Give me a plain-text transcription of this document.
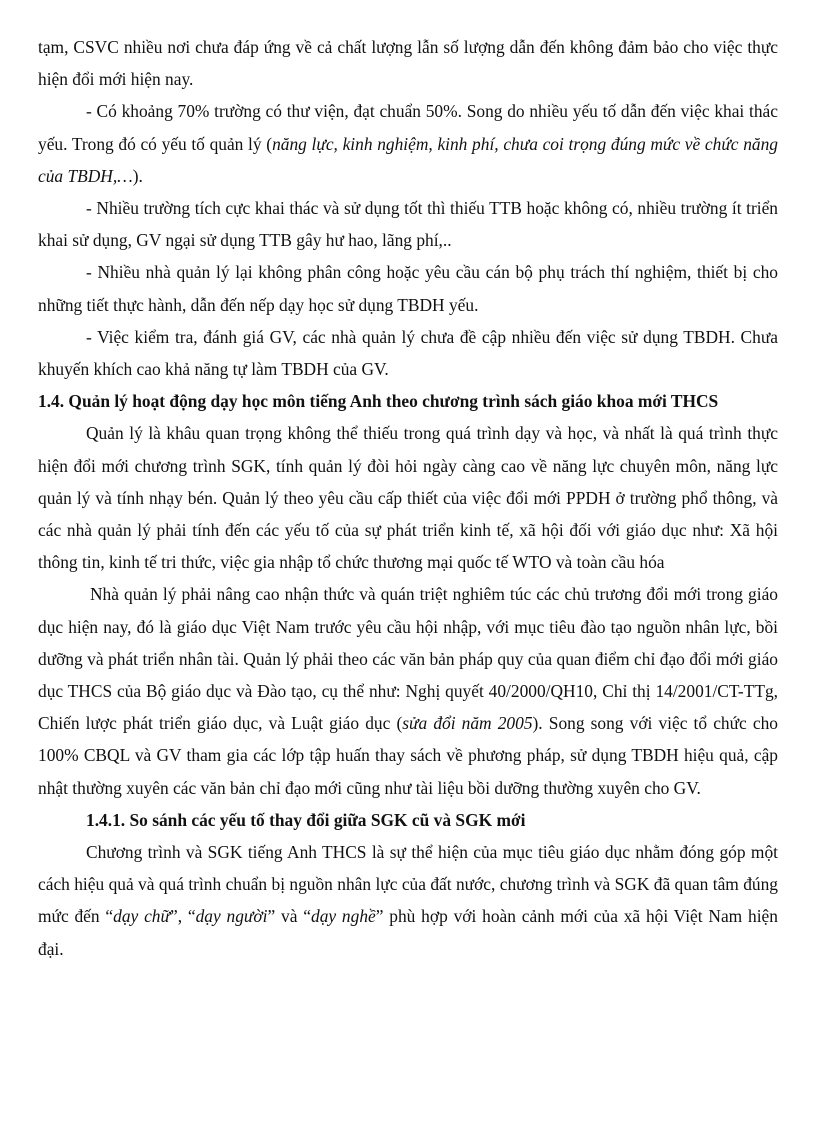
tạm, CSVC nhiều nơi chưa đáp ứng về cả chất lượng lẫn số lượng dẫn đến không đảm bảo cho việc thực hiện đổi mới hiện nay.

- Có khoảng 70% trường có thư viện, đạt chuẩn 50%. Song do nhiều yếu tố dẫn đến việc khai thác yếu. Trong đó có yếu tố quản lý (năng lực, kinh nghiệm, kinh phí, chưa coi trọng đúng mức về chức năng của TBDH,…).

- Nhiều trường tích cực khai thác và sử dụng tốt thì thiếu TTB hoặc không có, nhiều trường ít triển khai sử dụng, GV ngại sử dụng TTB gây hư hao, lãng phí,..

- Nhiều nhà quản lý lại không phân công hoặc yêu cầu cán bộ phụ trách thí nghiệm, thiết bị cho những tiết thực hành, dẫn đến nếp dạy học sử dụng TBDH yếu.

- Việc kiểm tra, đánh giá GV, các nhà quản lý chưa đề cập nhiều đến việc sử dụng TBDH. Chưa khuyến khích cao khả năng tự làm TBDH của GV.

1.4. Quản lý hoạt động dạy học môn tiếng Anh theo chương trình sách giáo khoa mới THCS

Quản lý là khâu quan trọng không thể thiếu trong quá trình dạy và học, và nhất là quá trình thực hiện đổi mới chương trình SGK, tính quản lý đòi hỏi ngày càng cao về năng lực chuyên môn, năng lực quản lý và tính nhạy bén. Quản lý theo yêu cầu cấp thiết của việc đổi mới PPDH ở trường phổ thông, và các nhà quản lý phải tính đến các yếu tố của sự phát triển kinh tế, xã hội đối với giáo dục như: Xã hội thông tin, kinh tế tri thức, việc gia nhập tổ chức thương mại quốc tế WTO và toàn cầu hóa

Nhà quản lý phải nâng cao nhận thức và quán triệt nghiêm túc các chủ trương đổi mới trong giáo dục hiện nay, đó là giáo dục Việt Nam trước yêu cầu hội nhập, với mục tiêu đào tạo nguồn nhân lực, bồi dưỡng và phát triển nhân tài. Quản lý phải theo các văn bản pháp quy của quan điểm chỉ đạo đổi mới giáo dục THCS của Bộ giáo dục và Đào tạo, cụ thể như: Nghị quyết 40/2000/QH10, Chỉ thị 14/2001/CT-TTg, Chiến lược phát triển giáo dục, và Luật giáo dục (sửa đổi năm 2005). Song song với việc tổ chức cho 100% CBQL và GV tham gia các lớp tập huấn thay sách về phương pháp, sử dụng TBDH hiệu quả, cập nhật thường xuyên các văn bản chỉ đạo mới cũng như tài liệu bồi dưỡng thường xuyên cho GV.

1.4.1. So sánh các yếu tố thay đổi giữa SGK cũ và SGK mới

Chương trình và SGK tiếng Anh THCS là sự thể hiện của mục tiêu giáo dục nhằm đóng góp một cách hiệu quả và quá trình chuẩn bị nguồn nhân lực của đất nước, chương trình và SGK đã quan tâm đúng mức đến “dạy chữ”, “dạy người” và “dạy nghề” phù hợp với hoàn cảnh mới của xã hội Việt Nam hiện đại.
